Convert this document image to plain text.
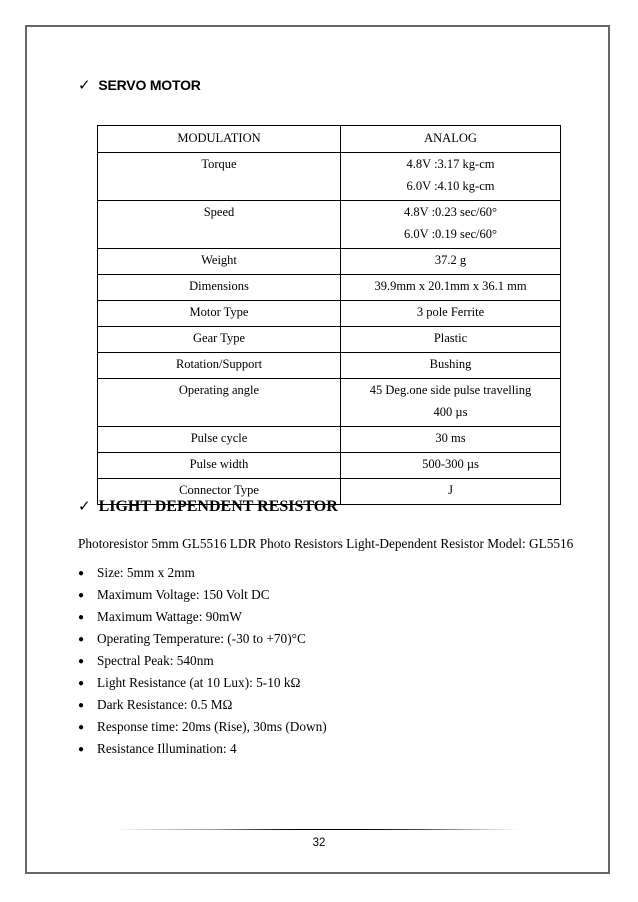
✓ SERVO MOTOR
MODULATION	ANALOG
Torque	4.8V :3.17 kg-cm
6.0V :4.10 kg-cm

Speed	4.8V :0.23 sec/60°
6.0V :0.19 sec/60°

Weight	37.2 g

Dimensions	39.9mm x 20.1mm x 36.1 mm

Motor Type	3 pole Ferrite

Gear Type	Plastic

Rotation/Support	Bushing

Operating angle	45 Deg.one side pulse travelling
400 µs

Pulse cycle	30 ms

Pulse width	500-300 µs

Connector Type	J
✓ LIGHT DEPENDENT RESISTOR
Photoresistor 5mm GL5516 LDR Photo Resistors Light-Dependent Resistor Model: GL5516
● Size: 5mm x 2mm
● Maximum Voltage: 150 Volt DC
● Maximum Wattage: 90mW
● Operating Temperature: (-30 to +70)°C
● Spectral Peak: 540nm
● Light Resistance (at 10 Lux): 5-10 kΩ
● Dark Resistance: 0.5 MΩ
● Response time: 20ms (Rise), 30ms (Down)
● Resistance Illumination: 4
32
